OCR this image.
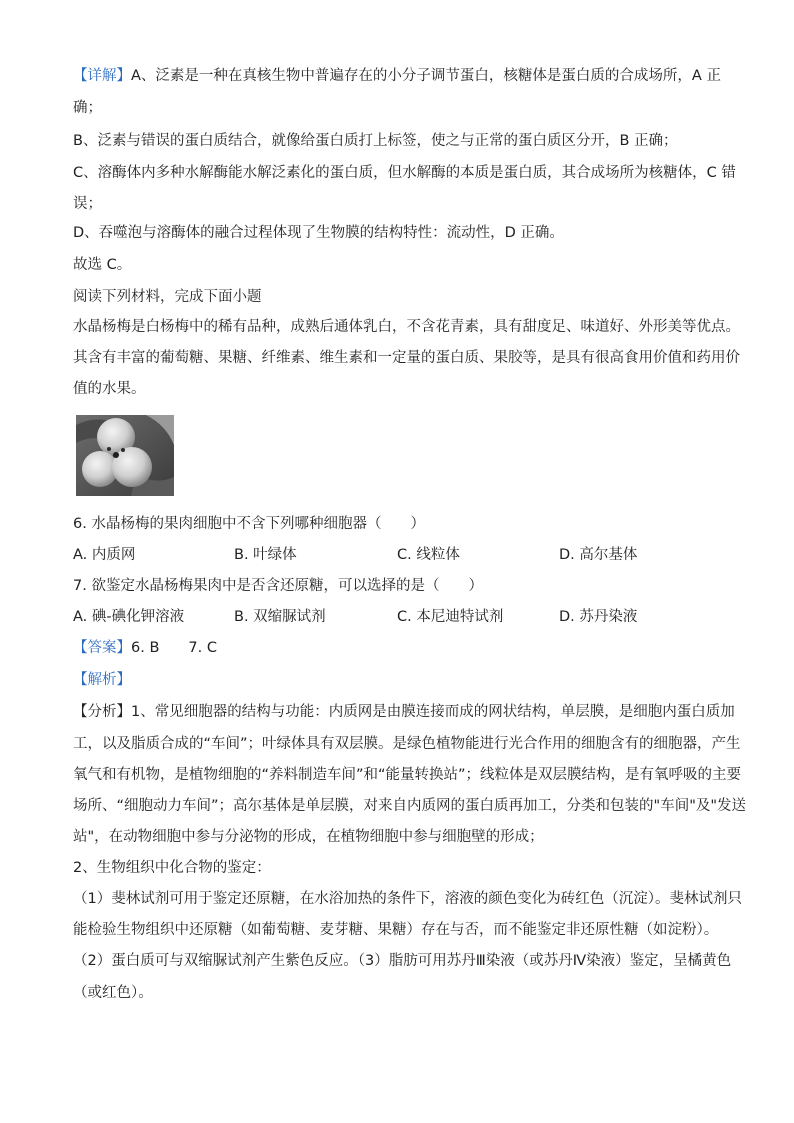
【详解】A、泛素是一种在真核生物中普遍存在的小分子调节蛋白，核糖体是蛋白质的合成场所，A 正
确；
B、泛素与错误的蛋白质结合，就像给蛋白质打上标签，使之与正常的蛋白质区分开，B 正确；
C、溶酶体内多种水解酶能水解泛素化的蛋白质，但水解酶的本质是蛋白质，其合成场所为核糖体，C 错
误；
D、吞噬泡与溶酶体的融合过程体现了生物膜的结构特性：流动性，D 正确。
故选 C。
阅读下列材料，完成下面小题
水晶杨梅是白杨梅中的稀有品种，成熟后通体乳白，不含花青素，具有甜度足、味道好、外形美等优点。
其含有丰富的葡萄糖、果糖、纤维素、维生素和一定量的蛋白质、果胶等，是具有很高食用价值和药用价
值的水果。
6. 水晶杨梅的果肉细胞中不含下列哪种细胞器（　　）
A. 内质网	B. 叶绿体	C. 线粒体	D. 高尔基体
7. 欲鉴定水晶杨梅果肉中是否含还原糖，可以选择的是（　　）
A. 碘-碘化钾溶液	B. 双缩脲试剂	C. 本尼迪特试剂	D. 苏丹染液
【答案】6. B　　7. C
【解析】
【分析】1、常见细胞器的结构与功能：内质网是由膜连接而成的网状结构，单层膜，是细胞内蛋白质加
工，以及脂质合成的“车间”；叶绿体具有双层膜。是绿色植物能进行光合作用的细胞含有的细胞器，产生
氧气和有机物，是植物细胞的“养料制造车间”和“能量转换站”；线粒体是双层膜结构，是有氧呼吸的主要
场所、“细胞动力车间”；高尔基体是单层膜，对来自内质网的蛋白质再加工，分类和包装的"车间"及"发送
站"，在动物细胞中参与分泌物的形成，在植物细胞中参与细胞壁的形成；
2、生物组织中化合物的鉴定：
（1）斐林试剂可用于鉴定还原糖，在水浴加热的条件下，溶液的颜色变化为砖红色（沉淀）。斐林试剂只
能检验生物组织中还原糖（如葡萄糖、麦芽糖、果糖）存在与否，而不能鉴定非还原性糖（如淀粉）。
（2）蛋白质可与双缩脲试剂产生紫色反应。（3）脂肪可用苏丹Ⅲ染液（或苏丹Ⅳ染液）鉴定，呈橘黄色
（或红色）。
